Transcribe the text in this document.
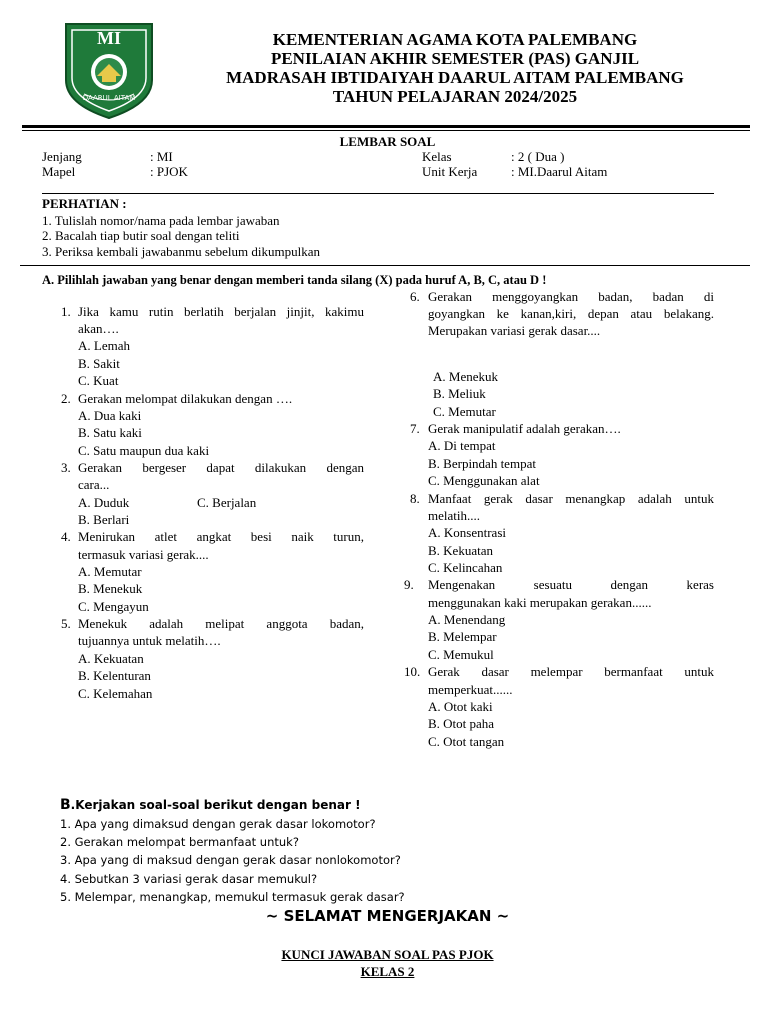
MI
DAARUL AITAM
KEMENTERIAN AGAMA KOTA PALEMBANG
PENILAIAN AKHIR SEMESTER (PAS) GANJIL
MADRASAH IBTIDAIYAH DAARUL AITAM PALEMBANG
TAHUN PELAJARAN 2024/2025
LEMBAR SOAL
Jenjang	: MI
Mapel	: PJOK
Kelas	: 2 ( Dua )
Unit Kerja	: MI.Daarul Aitam
PERHATIAN :
1. Tulislah nomor/nama pada lembar jawaban
2. Bacalah tiap butir soal dengan teliti
3. Periksa kembali jawabanmu sebelum dikumpulkan
A. Pilihlah jawaban yang benar dengan memberi tanda silang (X) pada huruf A, B, C, atau D !
1. Jika kamu rutin berlatih berjalan jinjit, kakimu
akan….
A. Lemah
B. Sakit
C. Kuat
2. Gerakan melompat dilakukan dengan ….
A. Dua kaki
B. Satu kaki
C. Satu maupun dua kaki
3. Gerakan bergeser dapat dilakukan dengan
cara...
A. Duduk	C. Berjalan
B. Berlari
4. Menirukan atlet angkat besi naik turun,
termasuk variasi gerak....
A. Memutar
B. Menekuk
C. Mengayun
5. Menekuk adalah melipat anggota badan,
tujuannya untuk melatih….
A. Kekuatan
B. Kelenturan
C. Kelemahan
6. Gerakan menggoyangkan badan, badan di
goyangkan ke kanan,kiri, depan atau belakang.
Merupakan variasi gerak dasar....
A. Menekuk
B. Meliuk
C. Memutar
7. Gerak manipulatif adalah gerakan….
A. Di tempat
B. Berpindah tempat
C. Menggunakan alat
8. Manfaat gerak dasar menangkap adalah untuk
melatih....
A. Konsentrasi
B. Kekuatan
C. Kelincahan
9. Mengenakan sesuatu dengan keras
menggunakan kaki merupakan gerakan......
A. Menendang
B. Melempar
C. Memukul
10. Gerak dasar melempar bermanfaat untuk
memperkuat......
A. Otot kaki
B. Otot paha
C. Otot tangan
B.Kerjakan soal-soal berikut dengan benar !
1. Apa yang dimaksud dengan gerak dasar lokomotor?
2. Gerakan melompat bermanfaat untuk?
3. Apa yang di maksud dengan gerak dasar nonlokomotor?
4. Sebutkan 3 variasi gerak dasar memukul?
5. Melempar, menangkap, memukul termasuk gerak dasar?
~ SELAMAT MENGERJAKAN ~
KUNCI JAWABAN SOAL PAS PJOK
KELAS 2
